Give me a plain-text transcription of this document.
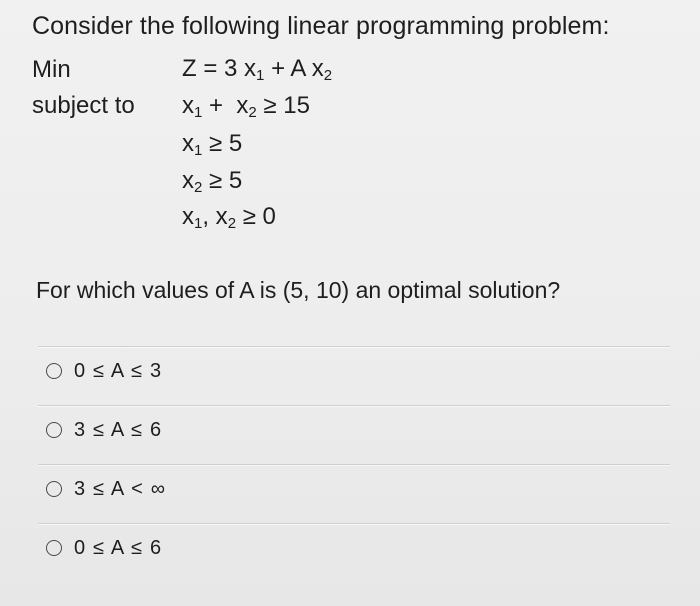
Consider the following linear programming problem:
Min	Z = 3 $x_1 + A$ $x_2$
subject to $x_1 + x_2 \ge 15$
$x_1 \ge 5$
$x_2 \ge 5$
$x_1$, $x_2 \ge 0$
For which values of A is (5, 10) an optimal solution?
0 ≤ A ≤ 3
3 ≤ A ≤ 6
3 ≤ A < ∞
0 ≤ A ≤ 6
